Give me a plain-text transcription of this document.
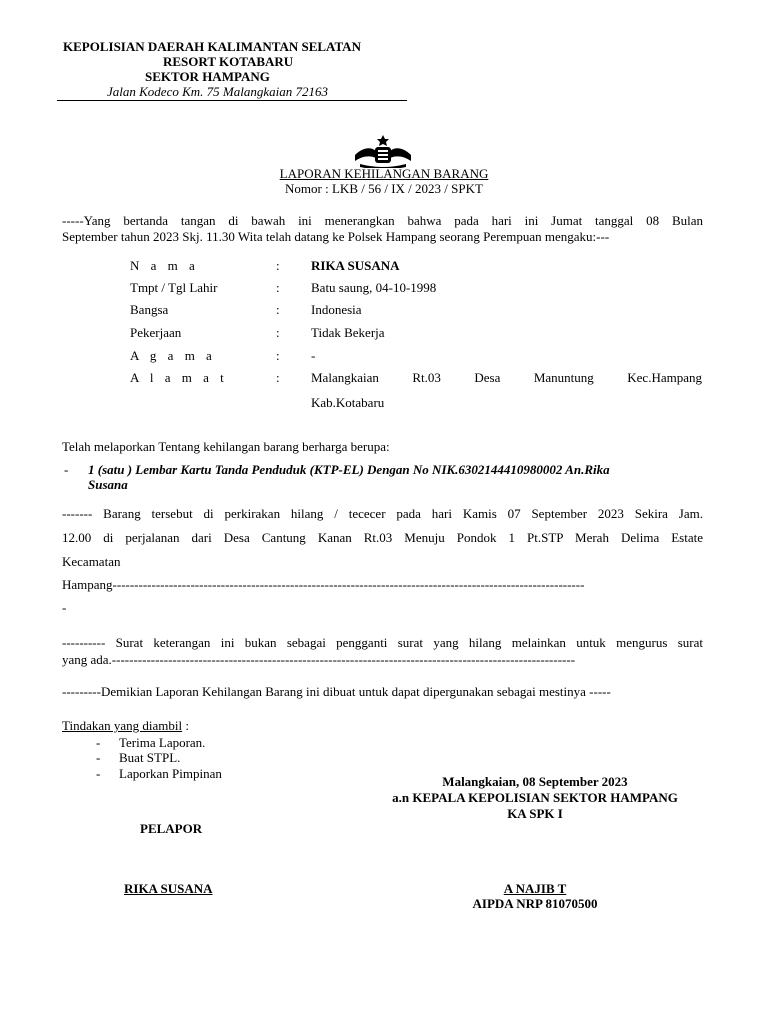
KEPOLISIAN DAERAH KALIMANTAN SELATAN
RESORT KOTABARU
SEKTOR HAMPANG
Jalan Kodeco Km. 75 Malangkaian 72163
LAPORAN KEHILANGAN BARANG
Nomor : LKB / 56 / IX / 2023 / SPKT
-----Yang bertanda tangan di bawah ini menerangkan bahwa pada hari ini Jumat tanggal 08 Bulan
September tahun 2023 Skj. 11.30 Wita telah datang ke Polsek Hampang seorang Perempuan mengaku:---
N a m a	: RIKA SUSANA
Tmpt / Tgl Lahir	: Batu saung, 04-10-1998
Bangsa	: Indonesia
Pekerjaan	: Tidak Bekerja
A g a m a	: -
A l a m a t	: Malangkaian Rt.03 Desa Manuntung Kec.Hampang
Kab.Kotabaru
Telah melaporkan Tentang kehilangan barang berharga berupa:
- 1 (satu ) Lembar Kartu Tanda Penduduk (KTP-EL) Dengan No NIK.6302144410980002 An.Rika
Susana
------- Barang tersebut di perkirakan hilang / tececer pada hari Kamis 07 September 2023 Sekira Jam.
12.00 di perjalanan dari Desa Cantung Kanan Rt.03 Menuju Pondok 1 Pt.STP Merah Delima Estate
Kecamatan
Hampang-------------------------------------------------------------------------------------------------------------
-
---------- Surat keterangan ini bukan sebagai pengganti surat yang hilang melainkan untuk mengurus surat
yang ada.-----------------------------------------------------------------------------------------------------------
---------Demikian Laporan Kehilangan Barang ini dibuat untuk dapat dipergunakan sebagai mestinya -----
Tindakan yang diambil :
- Terima Laporan.
- Buat STPL.
- Laporkan Pimpinan
Malangkaian, 08 September 2023
a.n KEPALA KEPOLISIAN SEKTOR HAMPANG
KA SPK I
PELAPOR
RIKA SUSANA	A NAJIB T
AIPDA NRP 81070500
